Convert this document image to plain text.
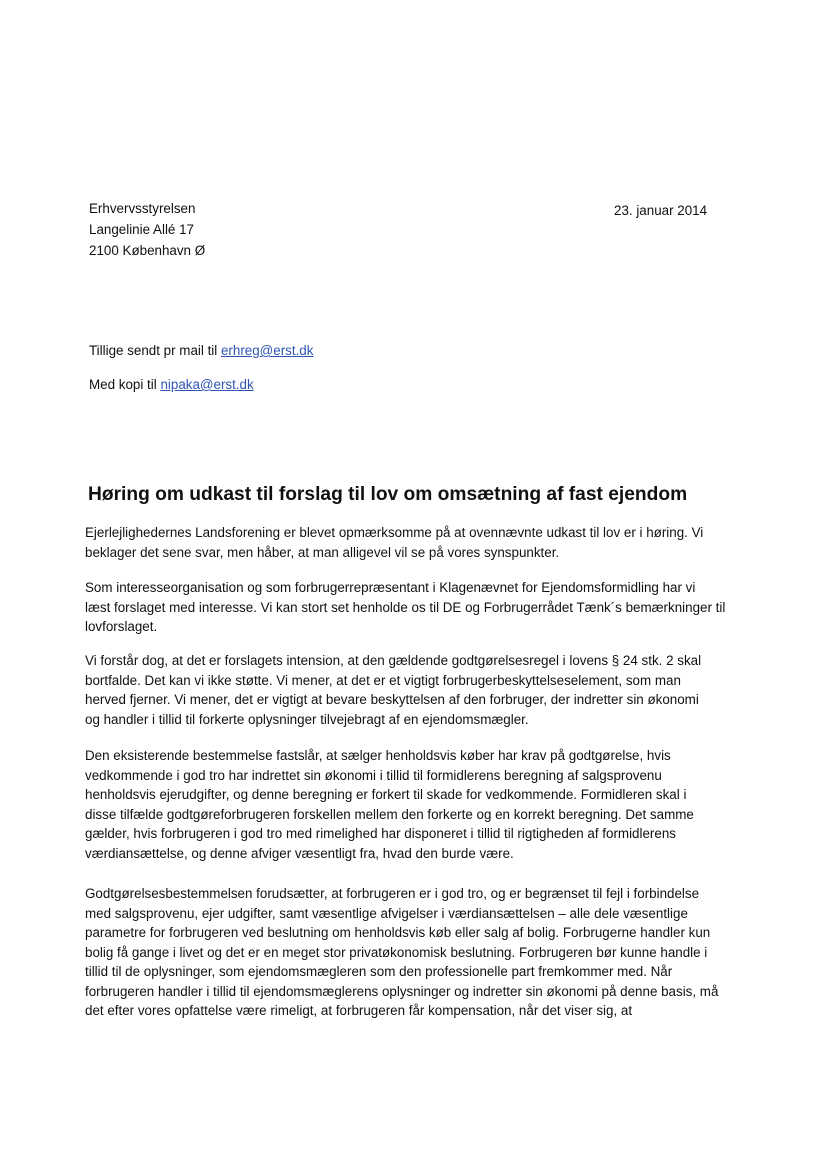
Erhvervsstyrelsen
Langelinie Allé 17
2100 København Ø
23. januar 2014
Tillige sendt pr mail til erhreg@erst.dk
Med kopi til nipaka@erst.dk
Høring om udkast til forslag til lov om omsætning af fast ejendom
Ejerlejlighedernes Landsforening er blevet opmærksomme på at ovennævnte udkast til lov er i høring. Vi
beklager det sene svar, men håber, at man alligevel vil se på vores synspunkter.
Som interesseorganisation og som forbrugerrepræsentant i Klagenævnet for Ejendomsformidling har vi
læst forslaget med interesse. Vi kan stort set henholde os til DE og Forbrugerrådet Tænk´s bemærkninger til
lovforslaget.
Vi forstår dog, at det er forslagets intension, at den gældende godtgørelsesregel i lovens § 24 stk. 2 skal
bortfalde. Det kan vi ikke støtte. Vi mener, at det er et vigtigt forbrugerbeskyttelseselement, som man
herved fjerner. Vi mener, det er vigtigt at bevare beskyttelsen af den forbruger, der indretter sin økonomi
og handler i tillid til forkerte oplysninger tilvejebragt af en ejendomsmægler.
Den eksisterende bestemmelse fastslår, at sælger henholdsvis køber har krav på godtgørelse, hvis
vedkommende i god tro har indrettet sin økonomi i tillid til formidlerens beregning af salgsprovenu
henholdsvis ejerudgifter, og denne beregning er forkert til skade for vedkommende. Formidleren skal i
disse tilfælde godtgøreforbrugeren forskellen mellem den forkerte og en korrekt beregning. Det samme
gælder, hvis forbrugeren i god tro med rimelighed har disponeret i tillid til rigtigheden af formidlerens
værdiansættelse, og denne afviger væsentligt fra, hvad den burde være.
Godtgørelsesbestemmelsen forudsætter, at forbrugeren er i god tro, og er begrænset til fejl i forbindelse
med salgsprovenu, ejer udgifter, samt væsentlige afvigelser i værdiansættelsen – alle dele væsentlige
parametre for forbrugeren ved beslutning om henholdsvis køb eller salg af bolig. Forbrugerne handler kun
bolig få gange i livet og det er en meget stor privatøkonomisk beslutning. Forbrugeren bør kunne handle i
tillid til de oplysninger, som ejendomsmægleren som den professionelle part fremkommer med. Når
forbrugeren handler i tillid til ejendomsmæglerens oplysninger og indretter sin økonomi på denne basis, må
det efter vores opfattelse være rimeligt, at forbrugeren får kompensation, når det viser sig, at
